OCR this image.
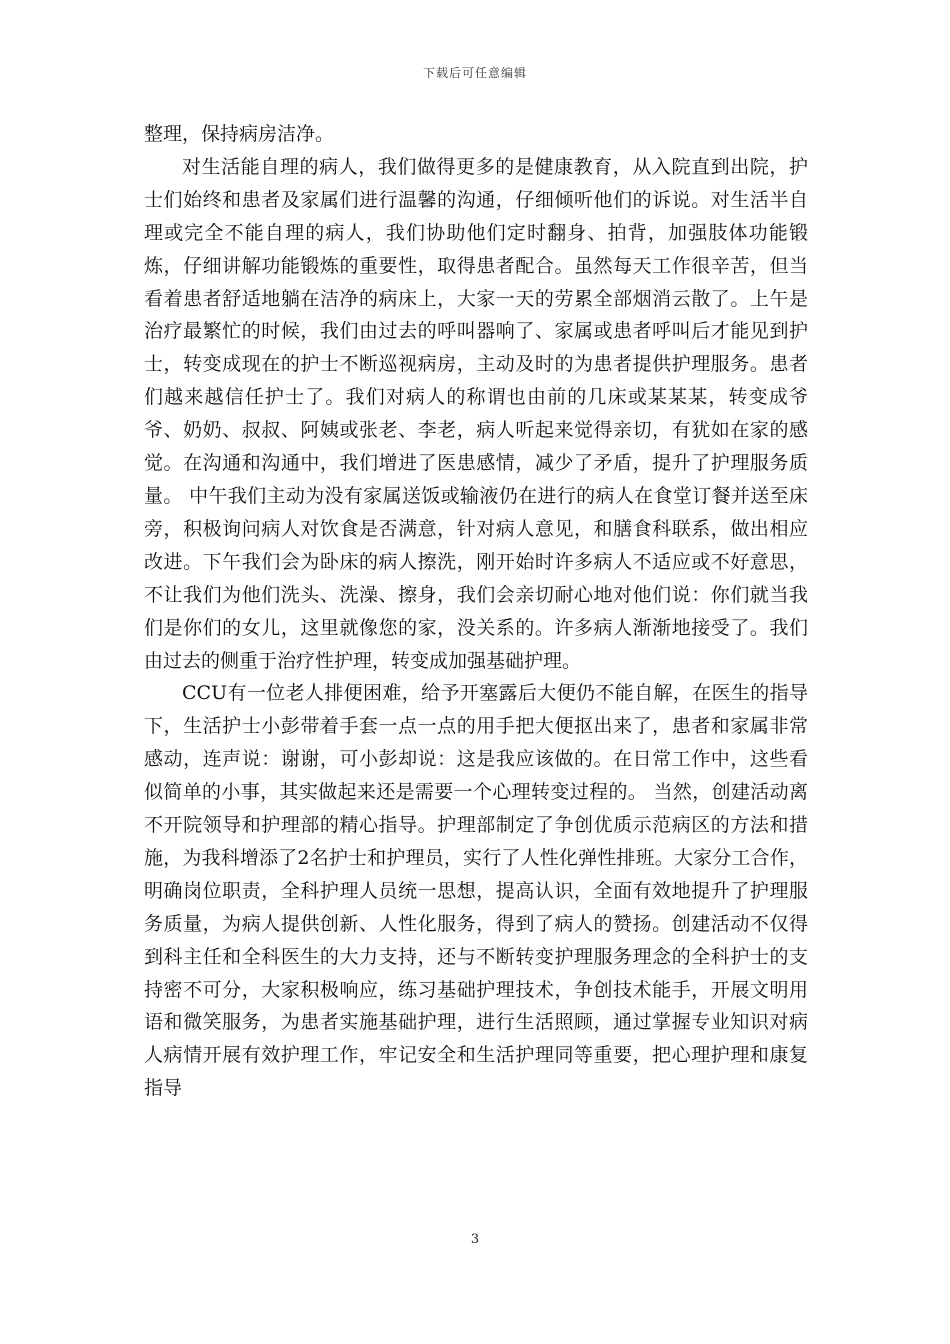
下载后可任意编辑

整理，保持病房洁净。

对生活能自理的病人，我们做得更多的是健康教育，从入院直到出院，护士们始终和患者及家属们进行温馨的沟通，仔细倾听他们的诉说。对生活半自理或完全不能自理的病人，我们协助他们定时翻身、拍背，加强肢体功能锻炼，仔细讲解功能锻炼的重要性，取得患者配合。虽然每天工作很辛苦，但当看着患者舒适地躺在洁净的病床上，大家一天的劳累全部烟消云散了。上午是治疗最繁忙的时候，我们由过去的呼叫器响了、家属或患者呼叫后才能见到护士，转变成现在的护士不断巡视病房，主动及时的为患者提供护理服务。患者们越来越信任护士了。我们对病人的称谓也由前的几床或某某某，转变成爷爷、奶奶、叔叔、阿姨或张老、李老，病人听起来觉得亲切，有犹如在家的感觉。在沟通和沟通中，我们增进了医患感情，减少了矛盾，提升了护理服务质量。 中午我们主动为没有家属送饭或输液仍在进行的病人在食堂订餐并送至床旁，积极询问病人对饮食是否满意，针对病人意见，和膳食科联系，做出相应改进。下午我们会为卧床的病人擦洗，刚开始时许多病人不适应或不好意思，不让我们为他们洗头、洗澡、擦身，我们会亲切耐心地对他们说：你们就当我们是你们的女儿，这里就像您的家，没关系的。许多病人渐渐地接受了。我们由过去的侧重于治疗性护理，转变成加强基础护理。

CCU有一位老人排便困难，给予开塞露后大便仍不能自解，在医生的指导下，生活护士小彭带着手套一点一点的用手把大便抠出来了，患者和家属非常感动，连声说：谢谢，可小彭却说：这是我应该做的。在日常工作中，这些看似简单的小事，其实做起来还是需要一个心理转变过程的。 当然，创建活动离不开院领导和护理部的精心指导。护理部制定了争创优质示范病区的方法和措施，为我科增添了2名护士和护理员，实行了人性化弹性排班。大家分工合作，明确岗位职责，全科护理人员统一思想，提高认识，全面有效地提升了护理服务质量，为病人提供创新、人性化服务，得到了病人的赞扬。创建活动不仅得到科主任和全科医生的大力支持，还与不断转变护理服务理念的全科护士的支持密不可分，大家积极响应，练习基础护理技术，争创技术能手，开展文明用语和微笑服务，为患者实施基础护理，进行生活照顾，通过掌握专业知识对病人病情开展有效护理工作，牢记安全和生活护理同等重要，把心理护理和康复指导

3
